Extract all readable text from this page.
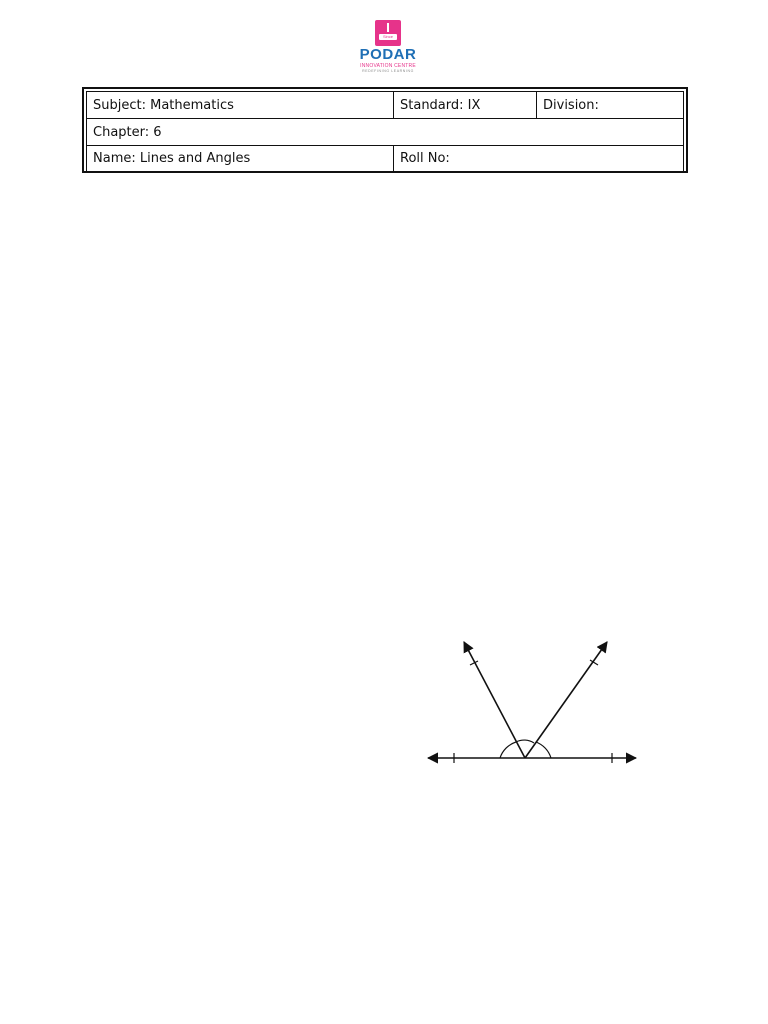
Since 1927
PODAR
INNOVATION CENTRE
REDEFINING LEARNING
Subject: Mathematics	Standard: IX	Division:
Chapter: 6		
Name: Lines and Angles	Roll No:	
